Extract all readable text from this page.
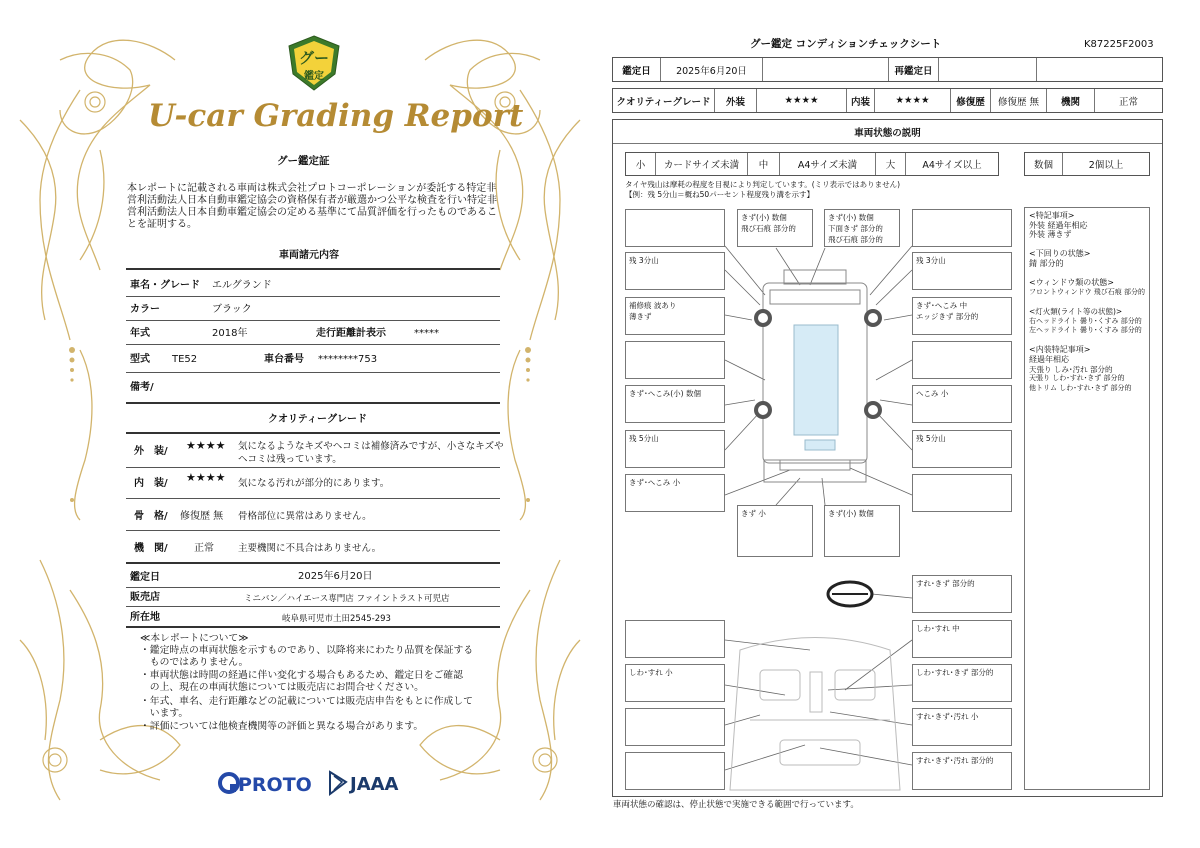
グー
鑑定
U-car Grading Report
グー鑑定証
本レポートに記載される車両は株式会社プロトコーポレーションが委託する特定非営利活動法人日本自動車鑑定協会の資格保有者が厳選かつ公平な検査を行い特定非営利活動法人日本自動車鑑定協会の定める基準にて品質評価を行ったものであることを証明する。
車両諸元内容
車名・グレード エルグランド
カラー	ブラック
年式	2018年	走行距離計表示	*****
型式 TE52	車台番号 ********753
備考/
クオリティーグレード
外　装/ ★★★★ 気になるようなキズやヘコミは補修済みですが、小さなキズや
ヘコミは残っています。
内　装/ ★★★★ 気になる汚れが部分的にあります。
骨　格/ 修復歴 無 骨格部位に異常はありません。
機　関/	正常	主要機関に不具合はありません。
鑑定日	2025年6月20日
販売店	ミニバン／ハイエース専門店 ファイントラスト可児店
所在地	岐阜県可児市土田2545-293
≪本レポートについて≫
・鑑定時点の車両状態を示すものであり、以降将来にわたり品質を保証する
　ものではありません。
・車両状態は時間の経過に伴い変化する場合もあるため、鑑定日をご確認
　の上、現在の車両状態については販売店にお問合せください。
・年式、車名、走行距離などの記載については販売店申告をもとに作成して
　います。
・評価については他検査機関等の評価と異なる場合があります。
PROTO JAAA
グー鑑定 コンディションチェックシート	K87225F2003
鑑定日	2025年6月20日	再鑑定日
クオリティーグレード	外装	★★★★	内装	★★★★	修復歴	修復歴 無	機関	正常
車両状態の説明
小	カードサイズ未満	中	A4サイズ未満	大	A4サイズ以上	数個	2個以上
タイヤ残山は摩耗の程度を目視により判定しています。(ミリ表示ではありません)
【例：残 5分山＝概ね50パーセント程度残り溝を示す】
きず(小) 数個
飛び石痕 部分的
きず(小) 数個
下面きず 部分的
飛び石痕 部分的
残 3分山
補修痕 波あり
薄きず
きず･へこみ(小) 数個
残 5分山
きず･へこみ 小
残 3分山
きず･へこみ 中
エッジきず 部分的
へこみ 小
残 5分山
きず 小	きず(小) 数個
すれ･きず 部分的
しわ･すれ 小
しわ･すれ 中
しわ･すれ･きず 部分的
すれ･きず･汚れ 小
すれ･きず･汚れ 部分的
<特記事項>
外装 経過年相応
外装 薄きず

<下回りの状態>
錆 部分的

<ウィンドウ類の状態>
フロントウィンドウ 飛び石痕 部分的

<灯火類(ライト等の状態)>
右ヘッドライト 曇り･くすみ 部分的
左ヘッドライト 曇り･くすみ 部分的

<内装特記事項>
経過年相応
天張り しみ･汚れ 部分的
天張り しわ･すれ･きず 部分的
他トリム しわ･すれ･きず 部分的
車両状態の確認は、停止状態で実施できる範囲で行っています。
